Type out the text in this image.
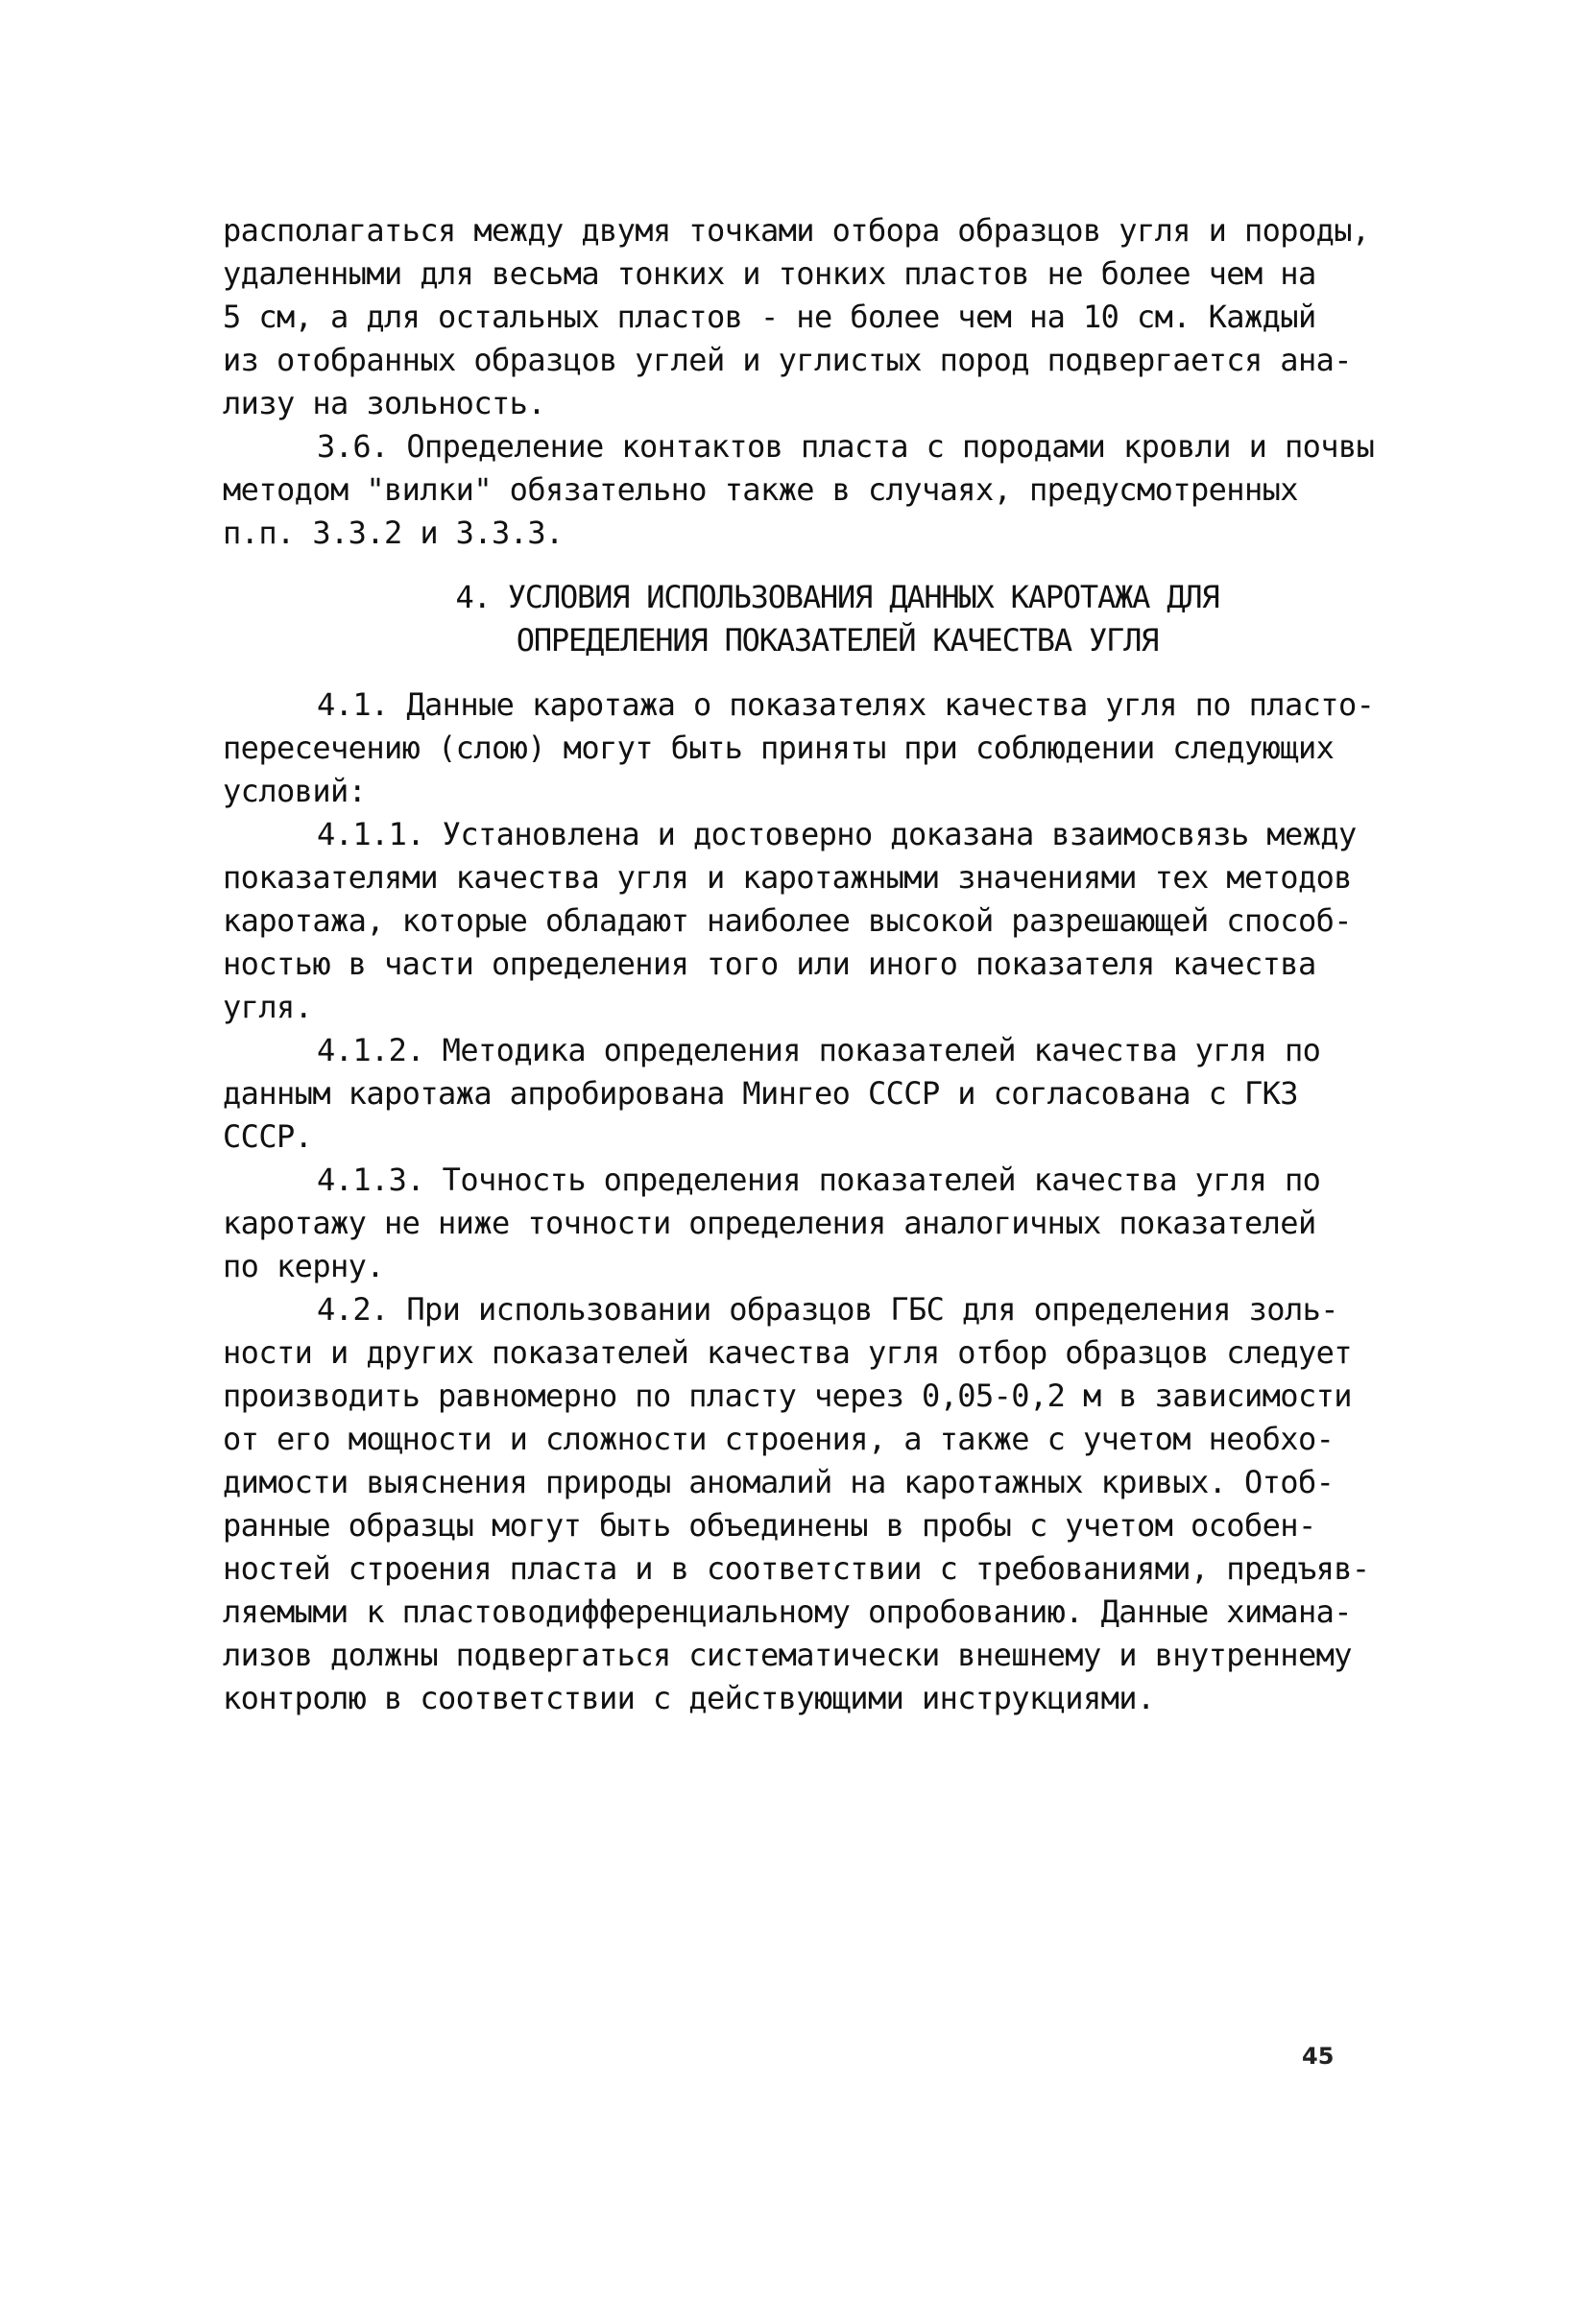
располагаться между двумя точками отбора образцов угля и породы,
удаленными для весьма тонких и тонких пластов не более чем на
5 см, а для остальных пластов - не более чем на 10 см. Каждый
из отобранных образцов углей и углистых пород подвергается ана-
лизу на зольность.
3.6. Определение контактов пласта с породами кровли и почвы
методом "вилки" обязательно также в случаях, предусмотренных
п.п. 3.3.2 и 3.3.3.
4. УСЛОВИЯ ИСПОЛЬЗОВАНИЯ ДАННЫХ КАРОТАЖА ДЛЯ
ОПРЕДЕЛЕНИЯ ПОКАЗАТЕЛЕЙ КАЧЕСТВА УГЛЯ
4.1. Данные каротажа о показателях качества угля по пласто-
пересечению (слою) могут быть приняты при соблюдении следующих
условий:
4.1.1. Установлена и достоверно доказана взаимосвязь между
показателями качества угля и каротажными значениями тех методов
каротажа, которые обладают наиболее высокой разрешающей способ-
ностью в части определения того или иного показателя качества
угля.
4.1.2. Методика определения показателей качества угля по
данным каротажа апробирована Мингео СССР и согласована с ГКЗ
СССР.
4.1.3. Точность определения показателей качества угля по
каротажу не ниже точности определения аналогичных показателей
по керну.
4.2. При использовании образцов ГБС для определения золь-
ности и других показателей качества угля отбор образцов следует
производить равномерно по пласту через 0,05-0,2 м в зависимости
от его мощности и сложности строения, а также с учетом необхо-
димости выяснения природы аномалий на каротажных кривых. Отоб-
ранные образцы могут быть объединены в пробы с учетом особен-
ностей строения пласта и в соответствии с требованиями, предъяв-
ляемыми к пластоводифференциальному опробованию. Данные химана-
лизов должны подвергаться систематически внешнему и внутреннему
контролю в соответствии с действующими инструкциями.
45
